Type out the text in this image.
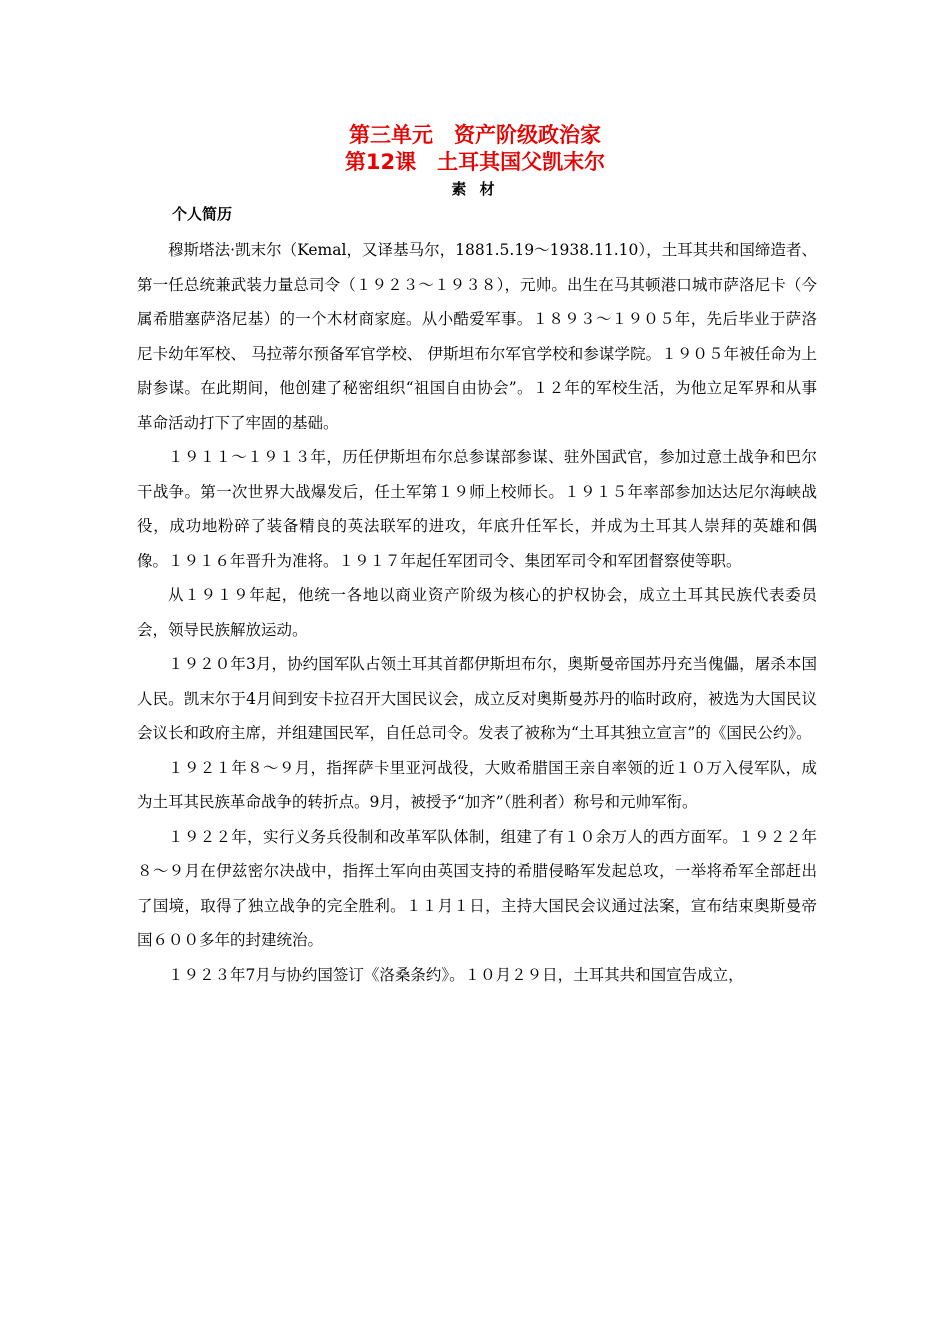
第三单元　资产阶级政治家
第12课　土耳其国父凯末尔
素 材
个人简历

穆斯塔法·凯末尔（Kemal，又译基马尔，1881.5.19～1938.11.10），土耳其共和国缔造者、第一任总统兼武装力量总司令（１９２３～１９３８），元帅。出生在马其顿港口城市萨洛尼卡（今属希腊塞萨洛尼基）的一个木材商家庭。从小酷爱军事。１８９３～１９０５年，先后毕业于萨洛尼卡幼年军校、 马拉蒂尔预备军官学校、 伊斯坦布尔军官学校和参谋学院。１９０５年被任命为上尉参谋。在此期间，他创建了秘密组织“祖国自由协会”。１２年的军校生活，为他立足军界和从事革命活动打下了牢固的基础。

１９１１～１９１３年，历任伊斯坦布尔总参谋部参谋、驻外国武官，参加过意土战争和巴尔干战争。第一次世界大战爆发后，任土军第１９师上校师长。１９１５年率部参加达达尼尔海峡战役，成功地粉碎了装备精良的英法联军的进攻，年底升任军长，并成为土耳其人崇拜的英雄和偶像。１９１６年晋升为准将。１９１７年起任军团司令、集团军司令和军团督察使等职。

从１９１９年起，他统一各地以商业资产阶级为核心的护权协会，成立土耳其民族代表委员会，领导民族解放运动。

１９２０年3月，协约国军队占领土耳其首都伊斯坦布尔，奥斯曼帝国苏丹充当傀儡，屠杀本国人民。凯末尔于4月间到安卡拉召开大国民议会，成立反对奥斯曼苏丹的临时政府，被选为大国民议会议长和政府主席，并组建国民军，自任总司令。发表了被称为“土耳其独立宣言”的《国民公约》。

１９２１年８～９月，指挥萨卡里亚河战役，大败希腊国王亲自率领的近１０万入侵军队，成为土耳其民族革命战争的转折点。9月，被授予“加齐”（胜利者）称号和元帅军衔。

１９２２年，实行义务兵役制和改革军队体制，组建了有１０余万人的西方面军。１９２２年８～９月在伊兹密尔决战中，指挥土军向由英国支持的希腊侵略军发起总攻，一举将希军全部赶出了国境，取得了独立战争的完全胜利。１１月１日，主持大国民会议通过法案，宣布结束奥斯曼帝国６００多年的封建统治。

１９２３年7月与协约国签订《洛桑条约》。１０月２９日，土耳其共和国宣告成立，
